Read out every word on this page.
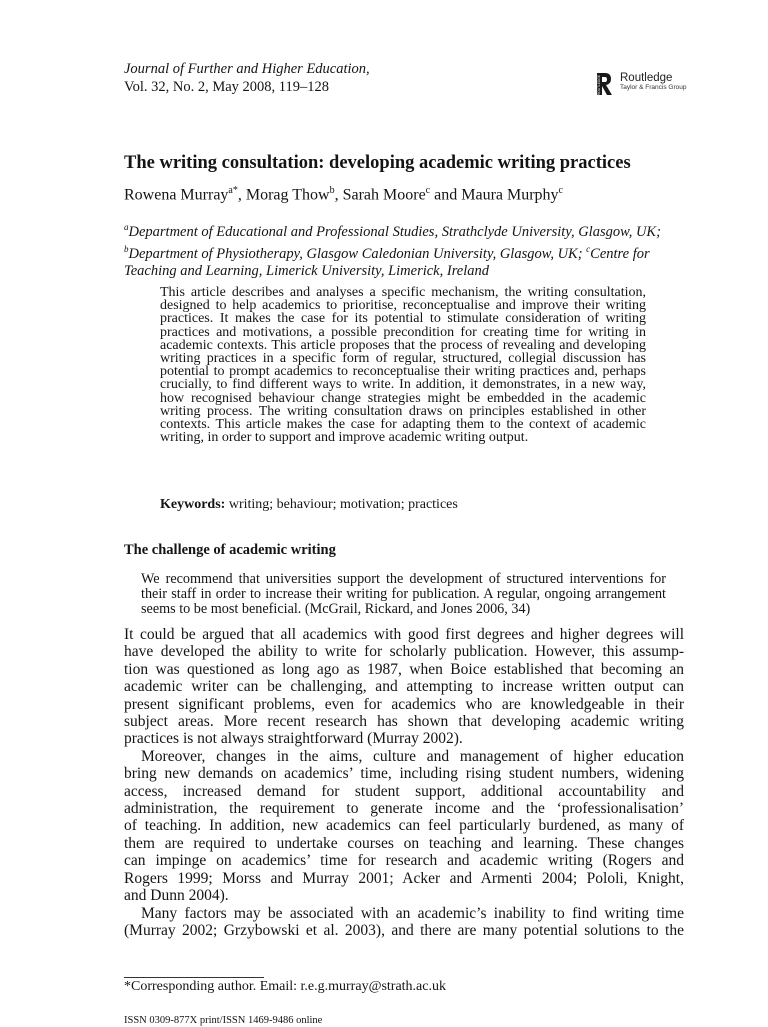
Journal of Further and Higher Education,
Vol. 32, No. 2, May 2008, 119–128	ROUTLEDGE Routledge
Taylor & Francis Group
The writing consultation: developing academic writing practices
Rowena Murray$^{a*}$, Morag Thow$^b$, Sarah Moore$^c$ and Maura Murphy$^c$
$^a$Department of Educational and Professional Studies, Strathclyde University, Glasgow, UK;
$^b$Department of Physiotherapy, Glasgow Caledonian University, Glasgow, UK; $^c$Centre for
Teaching and Learning, Limerick University, Limerick, Ireland
This article describes and analyses a specific mechanism, the writing consultation, designed to help academics to prioritise, reconceptualise and improve their writing practices. It makes the case for its potential to stimulate consideration of writing practices and motivations, a possible precondition for creating time for writing in academic contexts. This article proposes that the process of revealing and developing writing practices in a specific form of regular, structured, collegial discussion has potential to prompt academics to reconceptualise their writing practices and, perhaps crucially, to find different ways to write. In addition, it demonstrates, in a new way, how recognised behaviour change strategies might be embedded in the academic writing process. The writing consultation draws on principles established in other contexts. This article makes the case for adapting them to the context of academic writing, in order to support and improve academic writing output.
Keywords: writing; behaviour; motivation; practices
The challenge of academic writing
We recommend that universities support the development of structured interventions for their staff in order to increase their writing for publication. A regular, ongoing arrangement seems to be most beneficial. (McGrail, Rickard, and Jones 2006, 34)
It could be argued that all academics with good first degrees and higher degrees will
have developed the ability to write for scholarly publication. However, this assump-
tion was questioned as long ago as 1987, when Boice established that becoming an
academic writer can be challenging, and attempting to increase written output can
present significant problems, even for academics who are knowledgeable in their
subject areas. More recent research has shown that developing academic writing
practices is not always straightforward (Murray 2002).
Moreover, changes in the aims, culture and management of higher education
bring new demands on academics’ time, including rising student numbers, widening
access, increased demand for student support, additional accountability and
administration, the requirement to generate income and the ‘professionalisation’
of teaching. In addition, new academics can feel particularly burdened, as many of
them are required to undertake courses on teaching and learning. These changes
can impinge on academics’ time for research and academic writing (Rogers and
Rogers 1999; Morss and Murray 2001; Acker and Armenti 2004; Pololi, Knight,
and Dunn 2004).
Many factors may be associated with an academic’s inability to find writing time
(Murray 2002; Grzybowski et al. 2003), and there are many potential solutions to the
*Corresponding author. Email: r.e.g.murray@strath.ac.uk
ISSN 0309-877X print/ISSN 1469-9486 online
